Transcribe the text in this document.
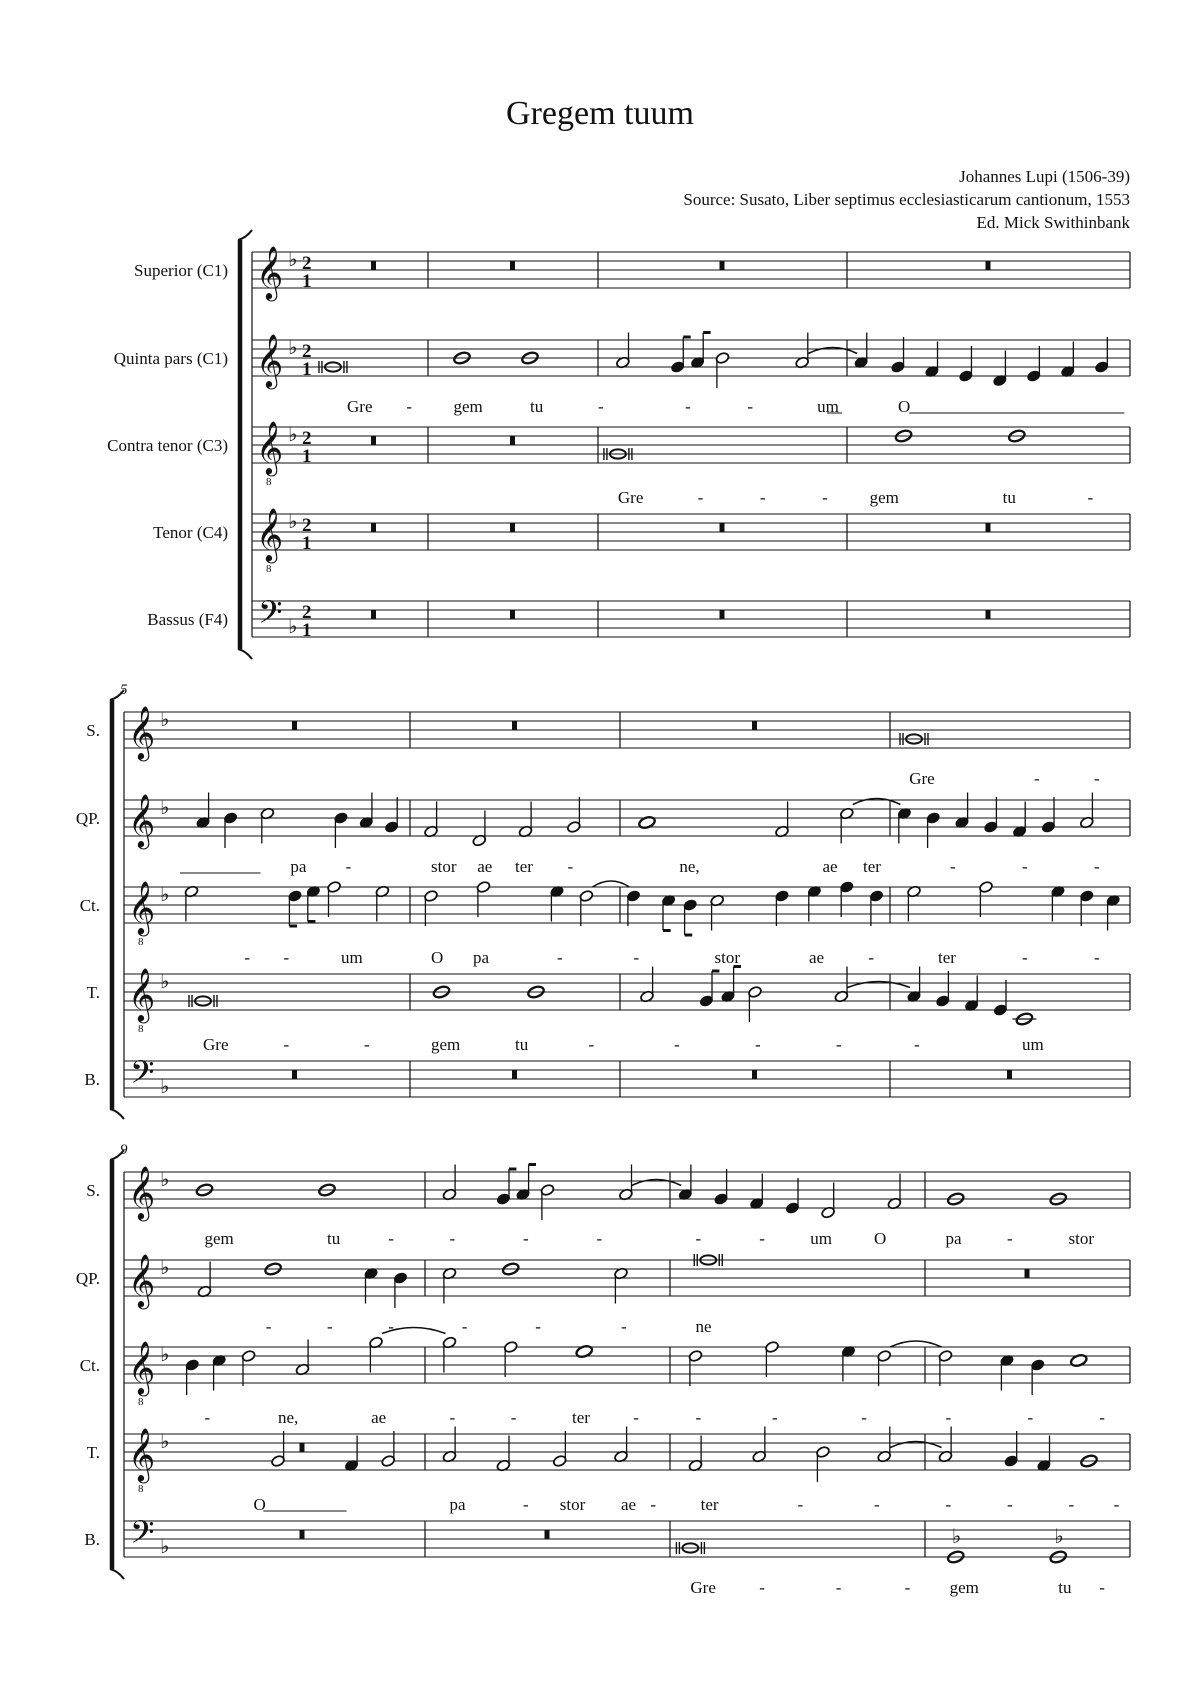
Gregem tuum
Johannes Lupi (1506-39)
Source: Susato, Liber septimus ecclesiasticarum cantionum, 1553
Ed. Mick Swithinbank
Superior (C1) 𝄞 ♭ 2
1
Quinta pars (C1) 𝄞 ♭ 2
1
Gre - gem	tu	-	-	-	um	O
Contra tenor (C3) 𝄞
8
♭ 2
1
Gre	-	-	- gem	tu	-
Tenor (C4) 𝄞
8
♭ 2
1
Bassus (F4) 𝄢 ♭
2
1
5
S. 𝄞 ♭
Gre	-	-
QP. 𝄞 ♭
pa -	stor ae ter -	ne,	ae ter	-	-	-
Ct. 𝄞
8
♭
- -	um	O pa	-	-	stor	ae	-	ter	-	-
T. 𝄞
8
♭
Gre	-	-	gem	tu	-	-	-	-	-	um
B. 𝄢 ♭
9
S. 𝄞 ♭
gem	tu	-	-	-	-	-	-	um O	pa	-	stor
QP. 𝄞 ♭
-	-	-	-	-	-	ne
Ct. 𝄞
8
♭
-	ne,	ae	-	-	ter	-	-	-	-	-	-	-
T. 𝄞
8
♭
O	pa	- stor ae -	ter	-	-	-	-	- -
B. 𝄢 ♭
Gre	-	-	- gem	tu -
♭	♭
